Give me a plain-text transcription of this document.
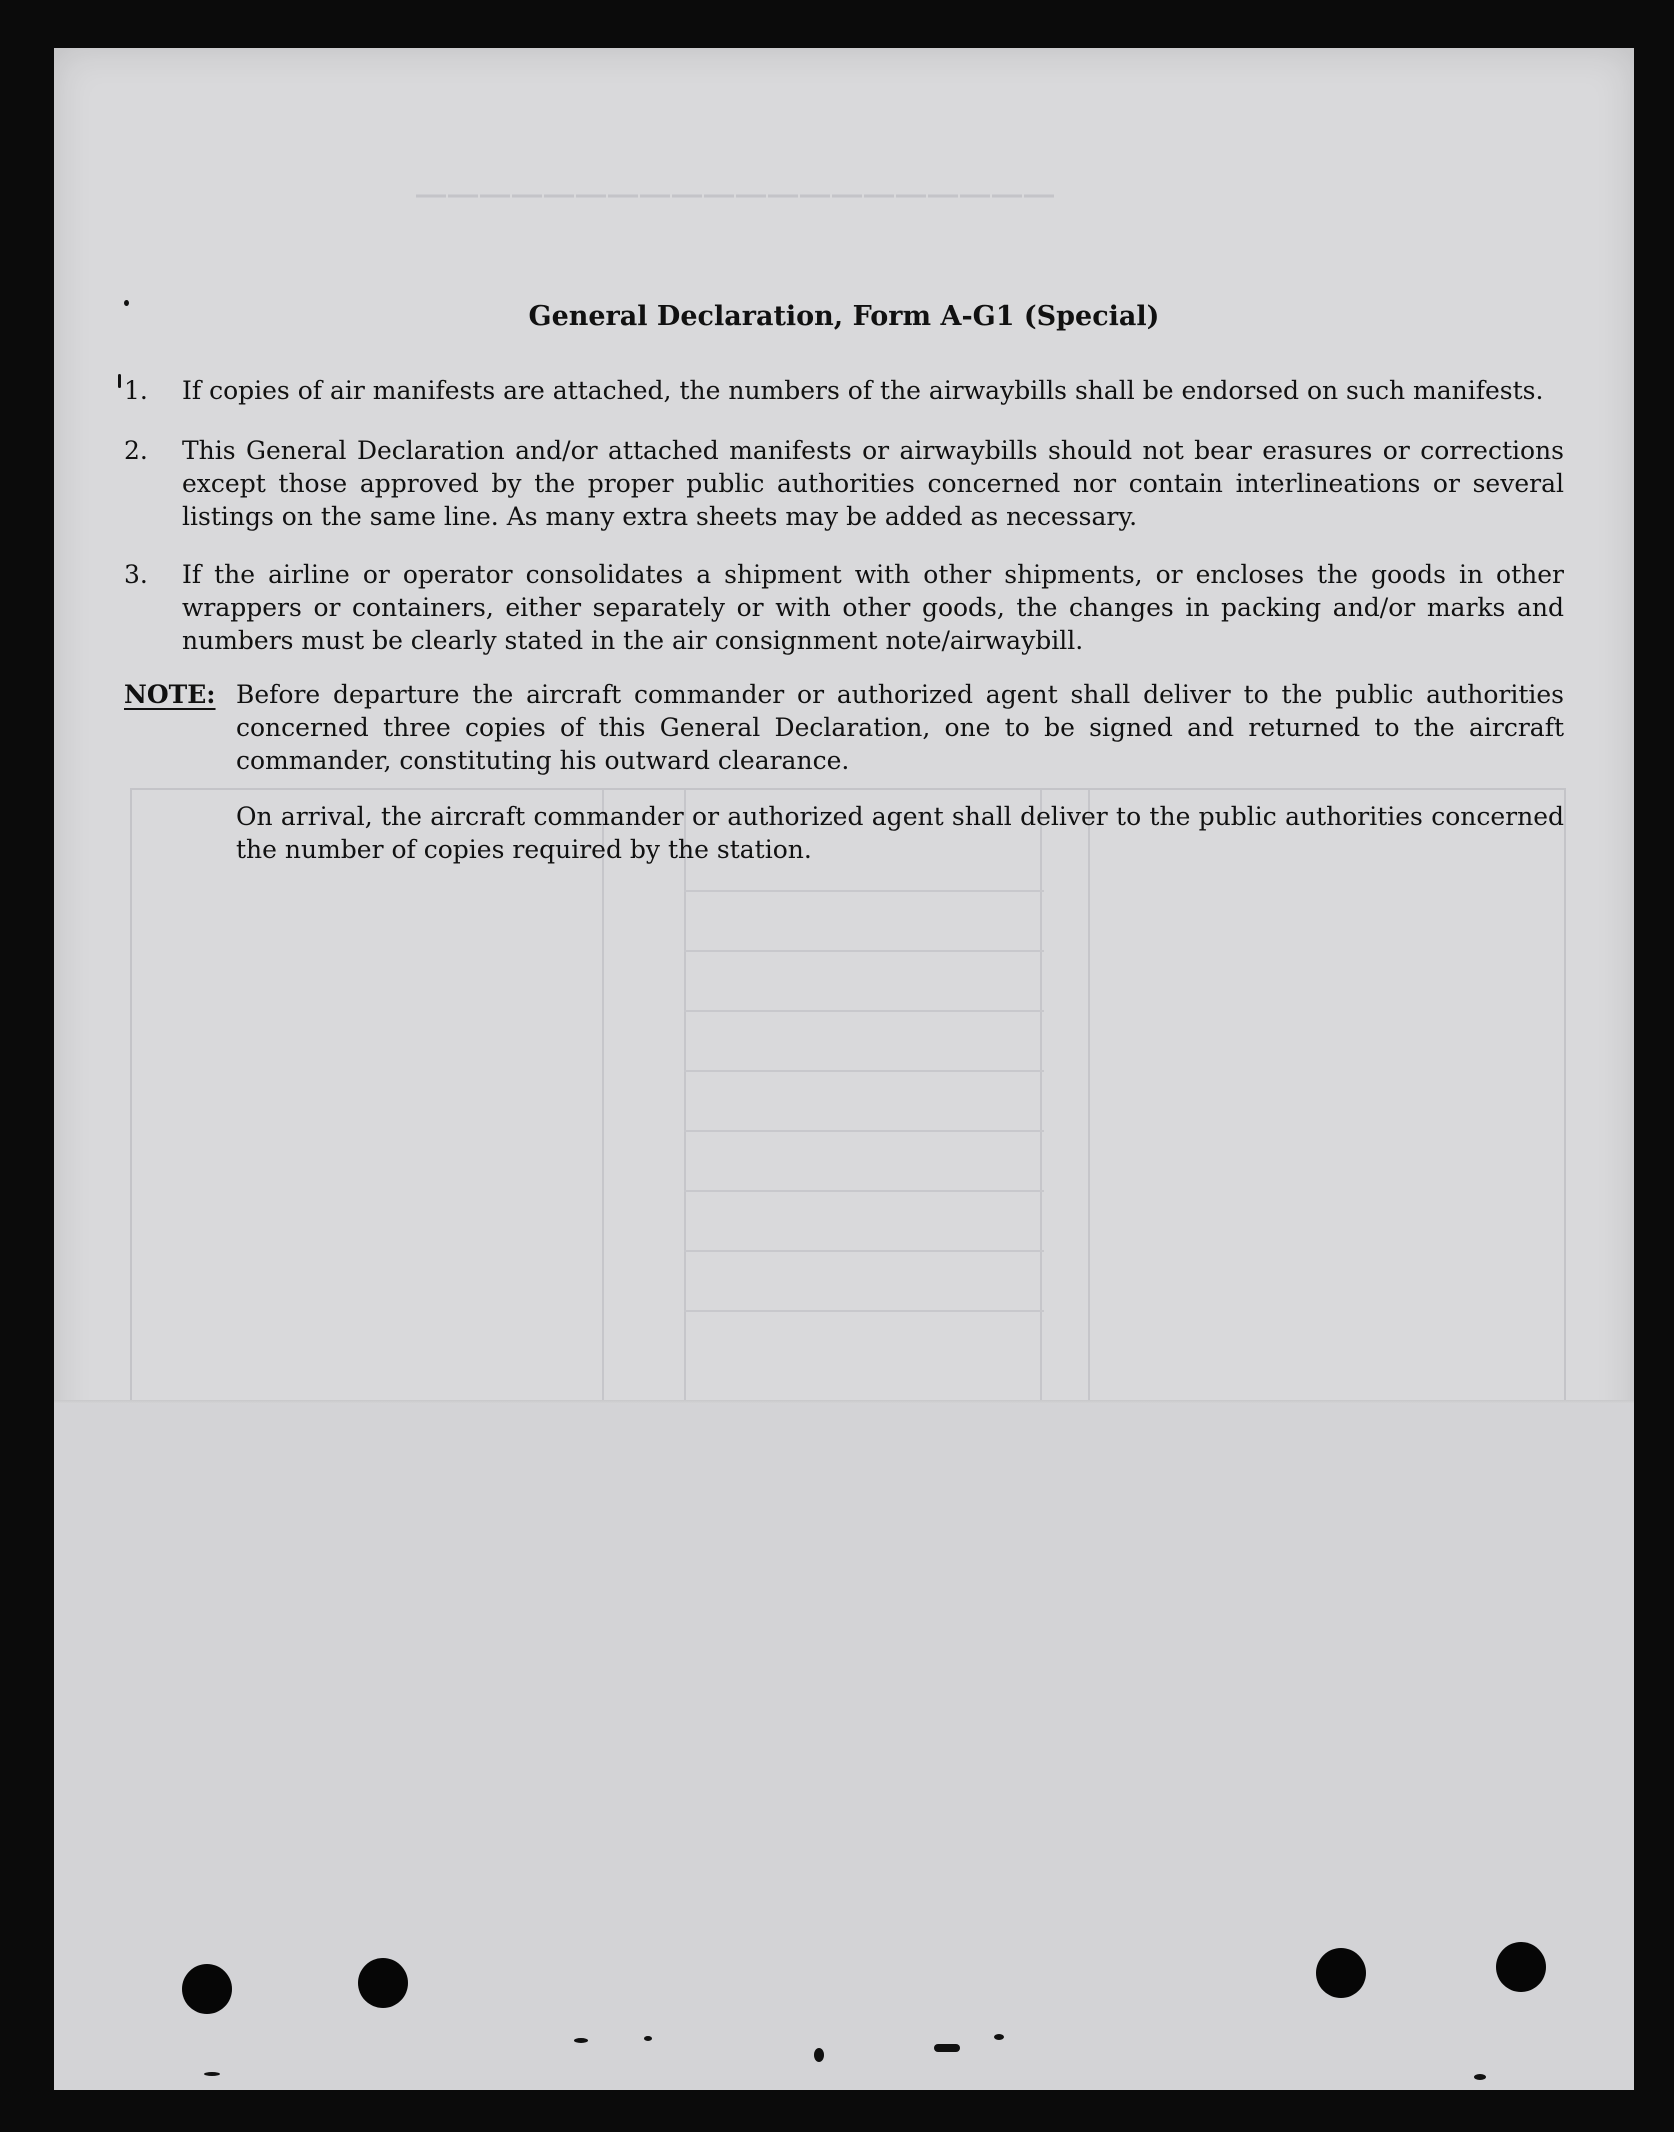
————————————————————
General Declaration, Form A-G1 (Special)
1.	If copies of air manifests are attached, the numbers of the airwaybills shall be endorsed on such manifests.
2.	This General Declaration and/or attached manifests or airwaybills should not bear erasures or corrections except those approved by the proper public authorities concerned nor contain interlineations or several listings on the same line. As many extra sheets may be added as necessary.
3.	If the airline or operator consolidates a shipment with other shipments, or encloses the goods in other wrappers or containers, either separately or with other goods, the changes in packing and/or marks and numbers must be clearly stated in the air consignment note/airwaybill.
NOTE: Before departure the aircraft commander or authorized agent shall deliver to the public authorities concerned three copies of this General Declaration, one to be signed and returned to the aircraft commander, constituting his outward clearance.
On arrival, the aircraft commander or authorized agent shall deliver to the public authorities concerned the number of copies required by the station.
